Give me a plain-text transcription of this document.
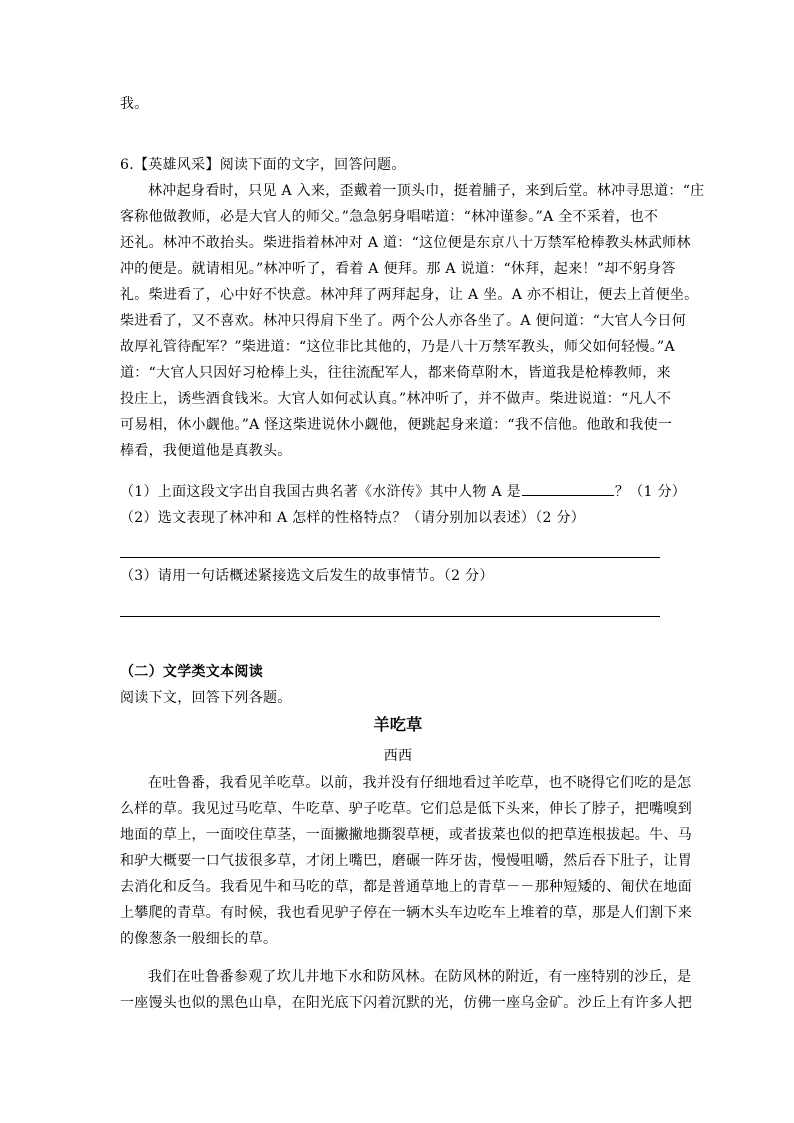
我。
6.【英雄风采】阅读下面的文字，回答问题。
林冲起身看时，只见 A 入来，歪戴着一顶头巾，挺着脯子，来到后堂。林冲寻思道：“庄
客称他做教师，必是大官人的师父。”急急躬身唱喏道：“林冲谨参。”A 全不采着，也不
还礼。林冲不敢抬头。柴进指着林冲对 A 道：“这位便是东京八十万禁军枪棒教头林武师林
冲的便是。就请相见。”林冲听了，看着 A 便拜。那 A 说道：“休拜，起来！”却不躬身答
礼。柴进看了，心中好不快意。林冲拜了两拜起身，让 A 坐。A 亦不相让，便去上首便坐。
柴进看了，又不喜欢。林冲只得肩下坐了。两个公人亦各坐了。A 便问道：“大官人今日何
故厚礼管待配军？”柴进道：“这位非比其他的，乃是八十万禁军教头，师父如何轻慢。”A
道：“大官人只因好习枪棒上头，往往流配军人，都来倚草附木，皆道我是枪棒教师，来
投庄上，诱些酒食钱米。大官人如何忒认真。”林冲听了，并不做声。柴进说道：“凡人不
可易相，休小觑他。”A 怪这柴进说休小觑他，便跳起身来道：“我不信他。他敢和我使一
棒看，我便道他是真教头。
（1）上面这段文字出自我国古典名著《水浒传》其中人物 A 是	？（1 分）
（2）选文表现了林冲和 A 怎样的性格特点？（请分别加以表述）（2 分）
（3）请用一句话概述紧接选文后发生的故事情节。（2 分）
（二）文学类文本阅读
阅读下文，回答下列各题。
羊吃草
西西
在吐鲁番，我看见羊吃草。以前，我并没有仔细地看过羊吃草，也不晓得它们吃的是怎
么样的草。我见过马吃草、牛吃草、驴子吃草。它们总是低下头来，伸长了脖子，把嘴嗅到
地面的草上，一面咬住草茎，一面撇撇地撕裂草梗，或者拔菜也似的把草连根拔起。牛、马
和驴大概要一口气拔很多草，才闭上嘴巴，磨碾一阵牙齿，慢慢咀嚼，然后吞下肚子，让胃
去消化和反刍。我看见牛和马吃的草，都是普通草地上的青草－－那种短矮的、匍伏在地面
上攀爬的青草。有时候，我也看见驴子停在一辆木头车边吃车上堆着的草，那是人们割下来
的像葱条一般细长的草。
我们在吐鲁番参观了坎儿井地下水和防风林。在防风林的附近，有一座特别的沙丘，是
一座馒头也似的黑色山阜，在阳光底下闪着沉默的光，仿佛一座乌金矿。沙丘上有许多人把
